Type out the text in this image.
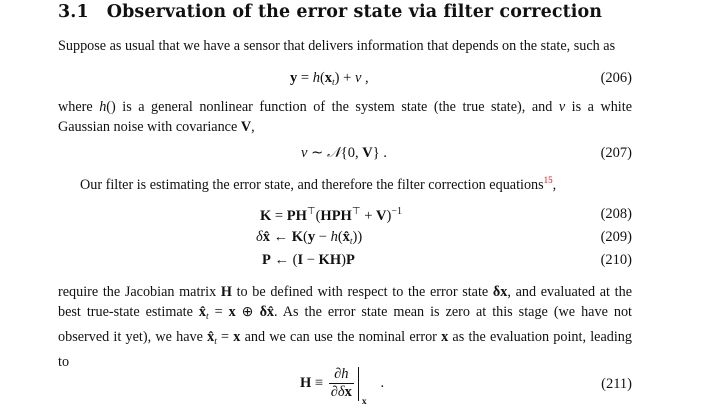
3.1 Observation of the error state via filter correction
Suppose as usual that we have a sensor that delivers information that depends on the state, such as
$y = h(x_t) + v$ ,	(206)
where h() is a general nonlinear function of the system state (the true state), and v is a white Gaussian noise with covariance V,
v ∼ 𝒩{0, V} .	(207)
Our filter is estimating the error state, and therefore the filter correction equations$^{15}$,
$K = PH^⊤(HPH^⊤ + V)^{-1}$	(208)
δx̂ ← $K(y - h(x̂_t))$	(209)
P ← (I − KH)P	(210)
require the Jacobian matrix H to be defined with respect to the error state δx, and evaluated at the best true-state estimate $x̂_t = x$ ⊕ δx̂. As the error state mean is zero at this stage (we have not observed it yet), we have $x̂_t = x$ and we can use the nominal error x as the evaluation point, leading to
$H \equiv \frac{\partial h}{\partial\delta x}$
x
.	(211)
